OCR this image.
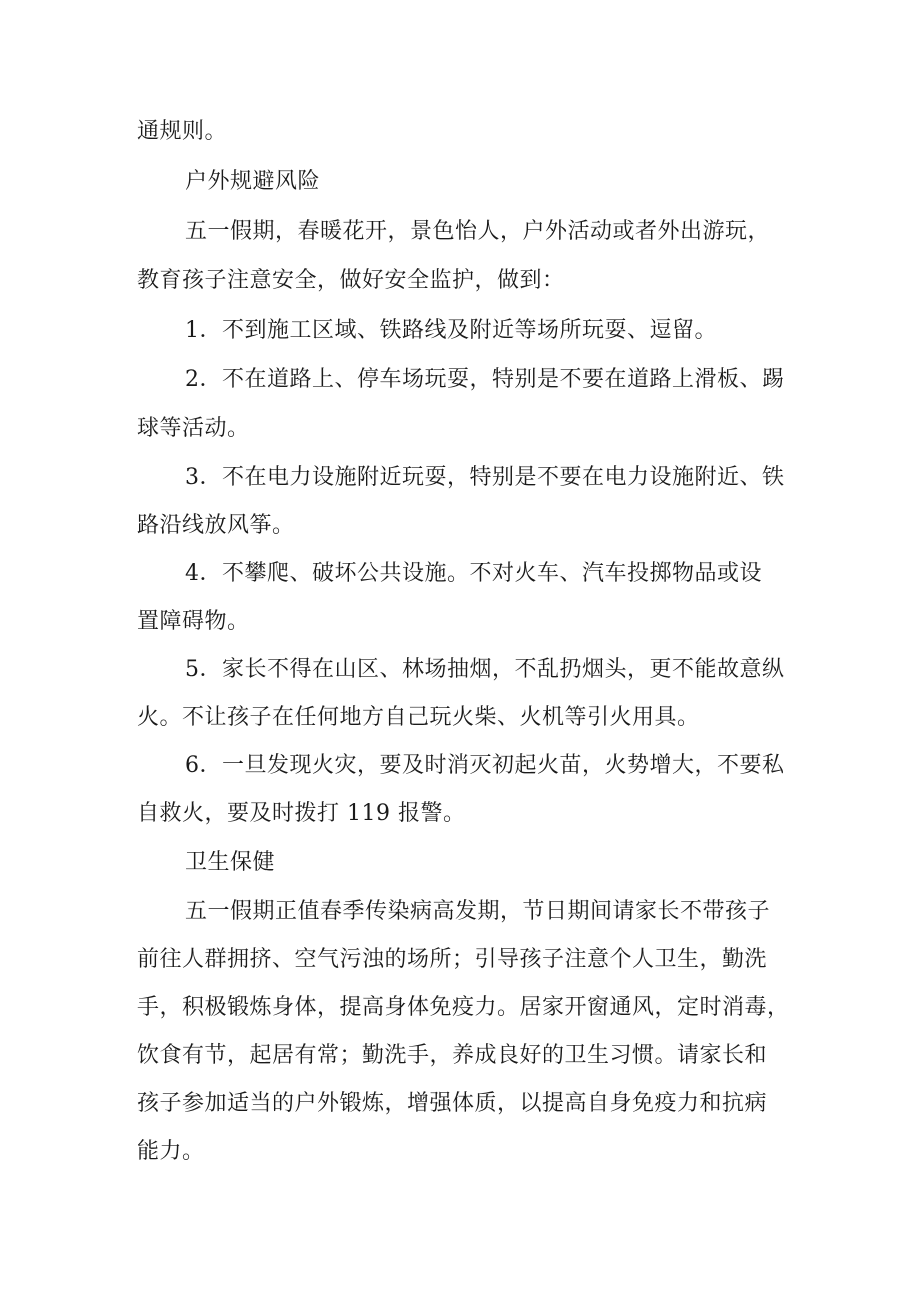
通规则。
户外规避风险
五一假期，春暖花开，景色怡人，户外活动或者外出游玩，
教育孩子注意安全，做好安全监护，做到：
1．不到施工区域、铁路线及附近等场所玩耍、逗留。
2．不在道路上、停车场玩耍，特别是不要在道路上滑板、踢
球等活动。
3．不在电力设施附近玩耍，特别是不要在电力设施附近、铁
路沿线放风筝。
4．不攀爬、破坏公共设施。不对火车、汽车投掷物品或设
置障碍物。
5．家长不得在山区、林场抽烟，不乱扔烟头，更不能故意纵
火。不让孩子在任何地方自己玩火柴、火机等引火用具。
6．一旦发现火灾，要及时消灭初起火苗，火势增大，不要私
自救火，要及时拨打 119 报警。
卫生保健
五一假期正值春季传染病高发期，节日期间请家长不带孩子
前往人群拥挤、空气污浊的场所；引导孩子注意个人卫生，勤洗
手，积极锻炼身体，提高身体免疫力。居家开窗通风，定时消毒，
饮食有节，起居有常；勤洗手，养成良好的卫生习惯。请家长和
孩子参加适当的户外锻炼，增强体质，以提高自身免疫力和抗病
能力。
